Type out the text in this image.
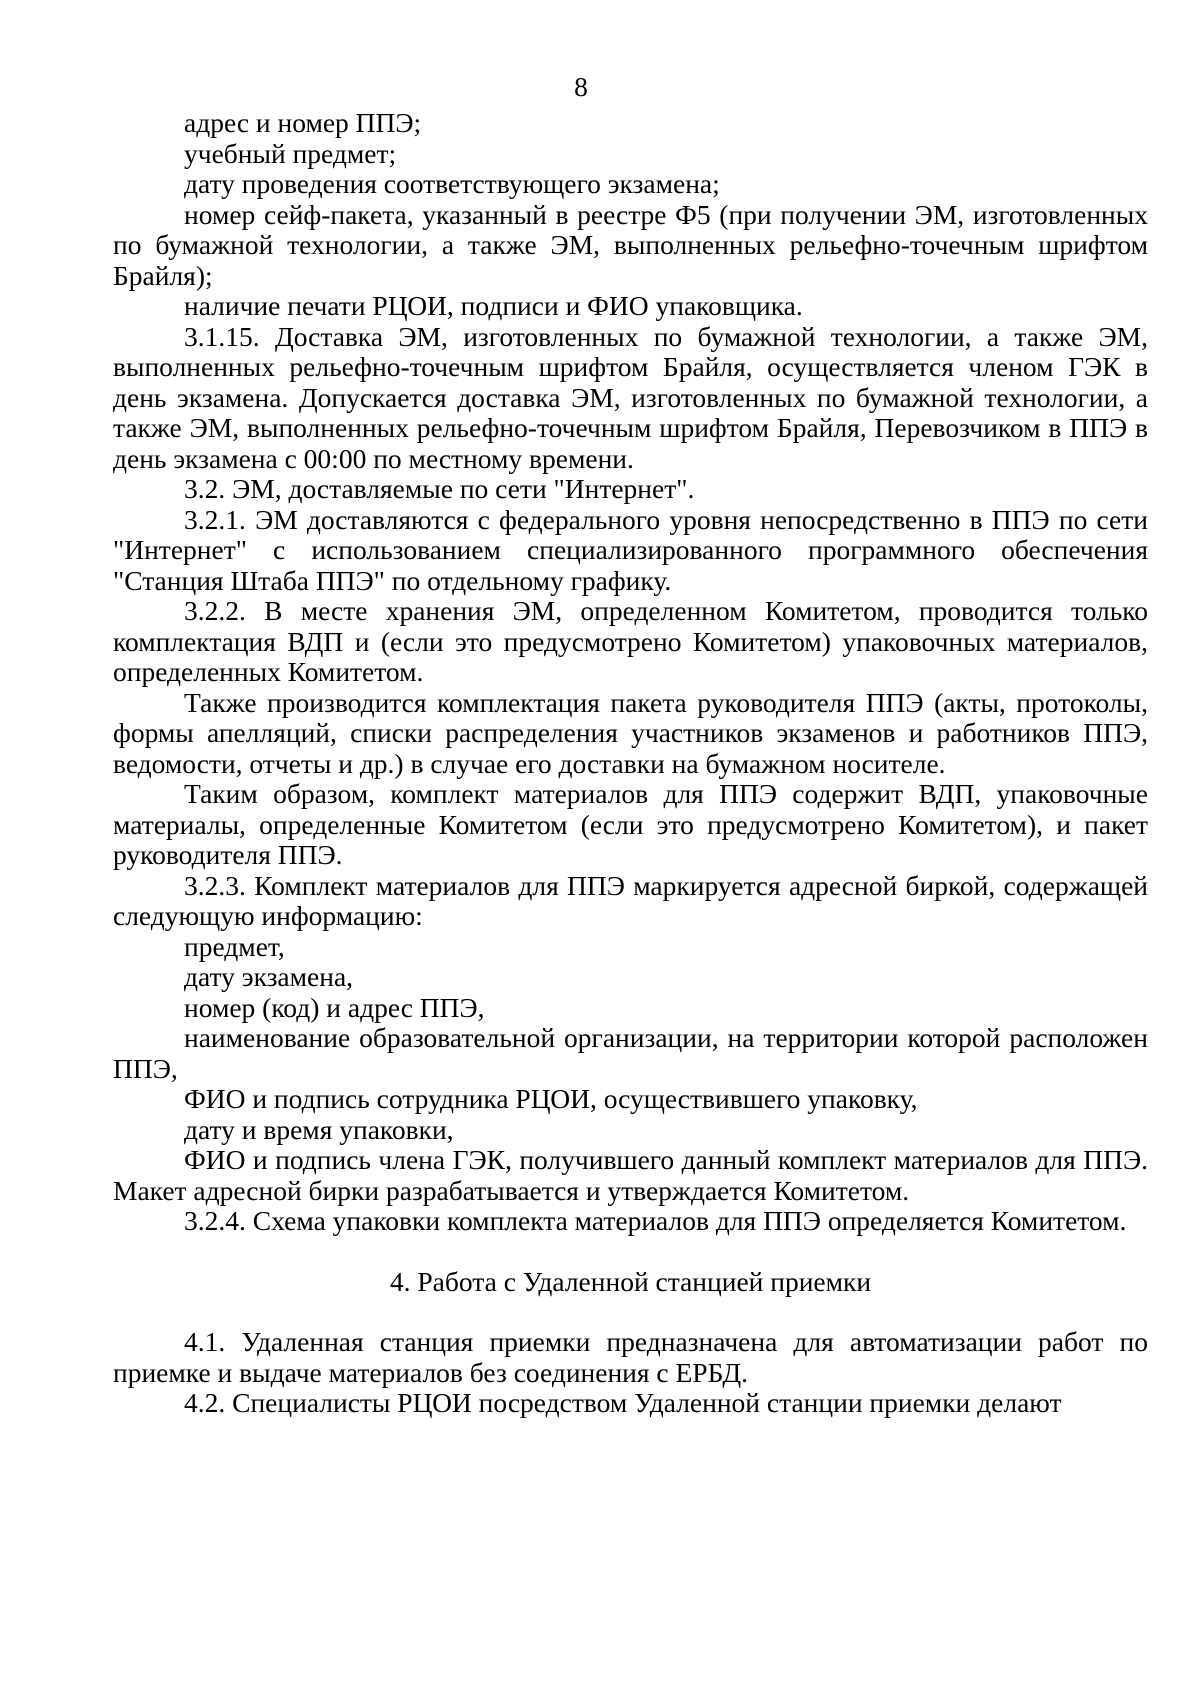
8

адрес и номер ППЭ;

учебный предмет;

дату проведения соответствующего экзамена;

номер сейф-пакета, указанный в реестре Ф5 (при получении ЭМ, изготовленных по бумажной технологии, а также ЭМ, выполненных рельефно-точечным шрифтом Брайля);

наличие печати РЦОИ, подписи и ФИО упаковщика.

3.1.15. Доставка ЭМ, изготовленных по бумажной технологии, а также ЭМ, выполненных рельефно-точечным шрифтом Брайля, осуществляется членом ГЭК в день экзамена. Допускается доставка ЭМ, изготовленных по бумажной технологии, а также ЭМ, выполненных рельефно-точечным шрифтом Брайля, Перевозчиком в ППЭ в день экзамена с 00:00 по местному времени.

3.2. ЭМ, доставляемые по сети "Интернет".

3.2.1. ЭМ доставляются с федерального уровня непосредственно в ППЭ по сети "Интернет" с использованием специализированного программного обеспечения "Станция Штаба ППЭ" по отдельному графику.

3.2.2. В месте хранения ЭМ, определенном Комитетом, проводится только комплектация ВДП и (если это предусмотрено Комитетом) упаковочных материалов, определенных Комитетом.

Также производится комплектация пакета руководителя ППЭ (акты, протоколы, формы апелляций, списки распределения участников экзаменов и работников ППЭ, ведомости, отчеты и др.) в случае его доставки на бумажном носителе.

Таким образом, комплект материалов для ППЭ содержит ВДП, упаковочные материалы, определенные Комитетом (если это предусмотрено Комитетом), и пакет руководителя ППЭ.

3.2.3. Комплект материалов для ППЭ маркируется адресной биркой, содержащей следующую информацию:

предмет,

дату экзамена,

номер (код) и адрес ППЭ,

наименование образовательной организации, на территории которой расположен ППЭ,

ФИО и подпись сотрудника РЦОИ, осуществившего упаковку,

дату и время упаковки,

ФИО и подпись члена ГЭК, получившего данный комплект материалов для ППЭ. Макет адресной бирки разрабатывается и утверждается Комитетом.

3.2.4. Схема упаковки комплекта материалов для ППЭ определяется Комитетом.

4. Работа с Удаленной станцией приемки

4.1. Удаленная станция приемки предназначена для автоматизации работ по приемке и выдаче материалов без соединения с ЕРБД.

4.2. Специалисты РЦОИ посредством Удаленной станции приемки делают
